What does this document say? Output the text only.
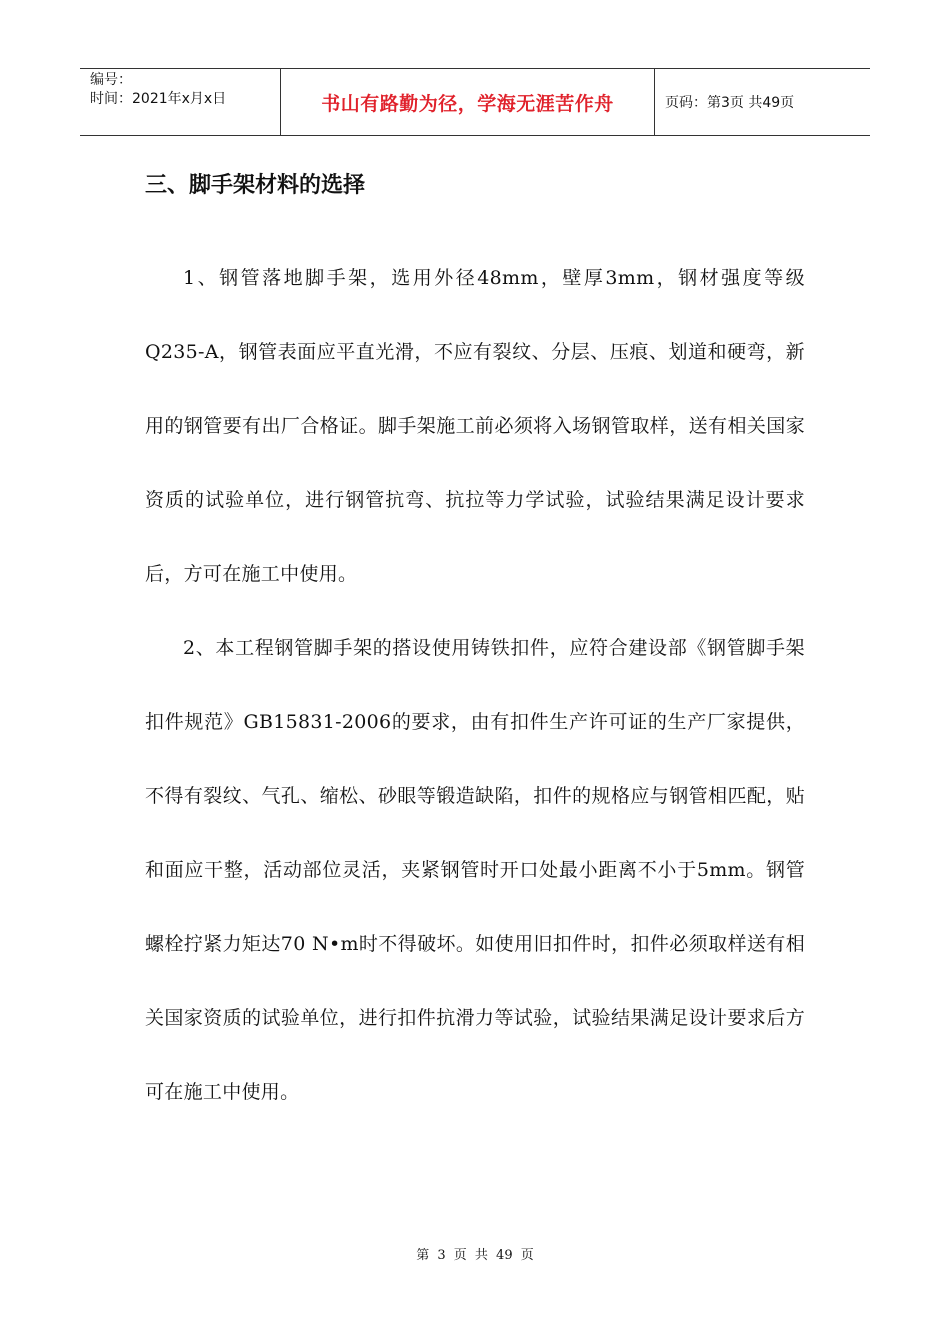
编号：
时间：2021年x月x日	书山有路勤为径，学海无涯苦作舟	页码：第3页 共49页
三、脚手架材料的选择

1、钢管落地脚手架，选用外径48mm，壁厚3mm，钢材强度等级Q235-A，钢管表面应平直光滑，不应有裂纹、分层、压痕、划道和硬弯，新用的钢管要有出厂合格证。脚手架施工前必须将入场钢管取样，送有相关国家资质的试验单位，进行钢管抗弯、抗拉等力学试验，试验结果满足设计要求后，方可在施工中使用。

2、本工程钢管脚手架的搭设使用铸铁扣件，应符合建设部《钢管脚手架扣件规范》GB15831-2006的要求，由有扣件生产许可证的生产厂家提供，不得有裂纹、气孔、缩松、砂眼等锻造缺陷，扣件的规格应与钢管相匹配，贴和面应干整，活动部位灵活，夹紧钢管时开口处最小距离不小于5mm。钢管螺栓拧紧力矩达70 N•m时不得破坏。如使用旧扣件时，扣件必须取样送有相关国家资质的试验单位，进行扣件抗滑力等试验，试验结果满足设计要求后方可在施工中使用。

第 3 页 共 49 页
